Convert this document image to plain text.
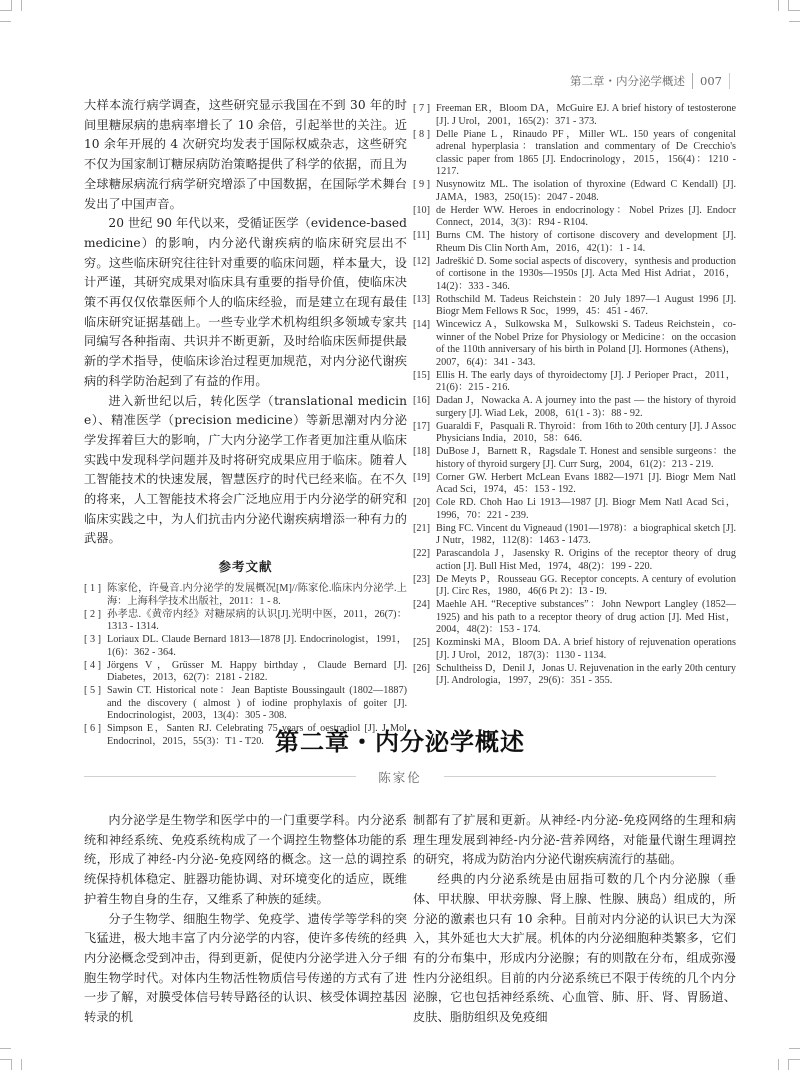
第二章・内分泌学概述 007

大样本流行病学调查，这些研究显示我国在不到 30 年的时间里糖尿病的患病率增长了 10 余倍，引起举世的关注。近 10 余年开展的 4 次研究均发表于国际权威杂志，这些研究不仅为国家制订糖尿病防治策略提供了科学的依据，而且为全球糖尿病流行病学研究增添了中国数据，在国际学术舞台发出了中国声音。

20 世纪 90 年代以来，受循证医学（evidence-based medicine）的影响，内分泌代谢疾病的临床研究层出不穷。这些临床研究往往针对重要的临床问题，样本量大，设计严谨，其研究成果对临床具有重要的指导价值，使临床决策不再仅仅依靠医师个人的临床经验，而是建立在现有最佳临床研究证据基础上。一些专业学术机构组织多领域专家共同编写各种指南、共识并不断更新，及时给临床医师提供最新的学术指导，使临床诊治过程更加规范，对内分泌代谢疾病的科学防治起到了有益的作用。

进入新世纪以后，转化医学（translational medicine）、精准医学（precision medicine）等新思潮对内分泌学发挥着巨大的影响，广大内分泌学工作者更加注重从临床实践中发现科学问题并及时将研究成果应用于临床。随着人工智能技术的快速发展，智慧医疗的时代已经来临。在不久的将来，人工智能技术将会广泛地应用于内分泌学的研究和临床实践之中，为人们抗击内分泌代谢疾病增添一种有力的武器。

参考文献
[ 1 ] 陈家伦，许曼音.内分泌学的发展概况[M]//陈家伦.临床内分泌学.上海：上海科学技术出版社，2011：1 - 8.
[ 2 ] 孙孝忠.《黄帝内经》对糖尿病的认识[J].光明中医，2011，26(7)：1313 - 1314.
[ 3 ] Loriaux DL. Claude Bernard 1813—1878 [J]. Endocrinologist，1991，1(6)：362 - 364.
[ 4 ] Jörgens V，Grüsser M. Happy birthday，Claude Bernard [J]. Diabetes，2013，62(7)：2181 - 2182.
[ 5 ] Sawin CT. Historical note：Jean Baptiste Boussingault (1802—1887) and the discovery ( almost ) of iodine prophylaxis of goiter [J]. Endocrinologist，2003，13(4)：305 - 308.
[ 6 ] Simpson E，Santen RJ. Celebrating 75 years of oestradiol [J]. J Mol Endocrinol，2015，55(3)：T1 - T20.
[ 7 ] Freeman ER，Bloom DA，McGuire EJ. A brief history of testosterone [J]. J Urol，2001，165(2)：371 - 373.
[ 8 ] Delle Piane L，Rinaudo PF，Miller WL. 150 years of congenital adrenal hyperplasia：translation and commentary of De Crecchio's classic paper from 1865 [J]. Endocrinology，2015，156(4)：1210 - 1217.
[ 9 ] Nusynowitz ML. The isolation of thyroxine (Edward C Kendall) [J]. JAMA，1983，250(15)：2047 - 2048.
[10] de Herder WW. Heroes in endocrinology：Nobel Prizes [J]. Endocr Connect，2014，3(3)：R94 - R104.
[11] Burns CM. The history of cortisone discovery and development [J]. Rheum Dis Clin North Am，2016，42(1)：1 - 14.
[12] Jadreškić D. Some social aspects of discovery，synthesis and production of cortisone in the 1930s—1950s [J]. Acta Med Hist Adriat，2016，14(2)：333 - 346.
[13] Rothschild M. Tadeus Reichstein：20 July 1897—1 August 1996 [J]. Biogr Mem Fellows R Soc，1999，45：451 - 467.
[14] Wincewicz A，Sulkowska M，Sulkowski S. Tadeus Reichstein，co-winner of the Nobel Prize for Physiology or Medicine：on the occasion of the 110th anniversary of his birth in Poland [J]. Hormones (Athens)，2007，6(4)：341 - 343.
[15] Ellis H. The early days of thyroidectomy [J]. J Perioper Pract，2011，21(6)：215 - 216.
[16] Dadan J，Nowacka A. A journey into the past — the history of thyroid surgery [J]. Wiad Lek，2008，61(1 - 3)：88 - 92.
[17] Guaraldi F，Pasquali R. Thyroid：from 16th to 20th century [J]. J Assoc Physicians India，2010，58：646.
[18] DuBose J，Barnett R，Ragsdale T. Honest and sensible surgeons：the history of thyroid surgery [J]. Curr Surg，2004，61(2)：213 - 219.
[19] Corner GW. Herbert McLean Evans 1882—1971 [J]. Biogr Mem Natl Acad Sci，1974，45：153 - 192.
[20] Cole RD. Choh Hao Li 1913—1987 [J]. Biogr Mem Natl Acad Sci，1996，70：221 - 239.
[21] Bing FC. Vincent du Vigneaud (1901—1978)：a biographical sketch [J]. J Nutr，1982，112(8)：1463 - 1473.
[22] Parascandola J，Jasensky R. Origins of the receptor theory of drug action [J]. Bull Hist Med，1974，48(2)：199 - 220.
[23] De Meyts P，Rousseau GG. Receptor concepts. A century of evolution [J]. Circ Res，1980，46(6 Pt 2)：I3 - I9.
[24] Maehle AH. “Receptive substances”：John Newport Langley (1852—1925) and his path to a receptor theory of drug action [J]. Med Hist，2004，48(2)：153 - 174.
[25] Kozminski MA，Bloom DA. A brief history of rejuvenation operations [J]. J Urol，2012，187(3)：1130 - 1134.
[26] Schultheiss D，Denil J，Jonas U. Rejuvenation in the early 20th century [J]. Andrologia，1997，29(6)：351 - 355.
第二章・内分泌学概述
陈家伦

内分泌学是生物学和医学中的一门重要学科。内分泌系统和神经系统、免疫系统构成了一个调控生物整体功能的系统，形成了神经-内分泌-免疫网络的概念。这一总的调控系统保持机体稳定、脏器功能协调、对环境变化的适应，既维护着生物自身的生存，又维系了种族的延续。

分子生物学、细胞生物学、免疫学、遗传学等学科的突飞猛进，极大地丰富了内分泌学的内容，使许多传统的经典内分泌概念受到冲击，得到更新，促使内分泌学进入分子细胞生物学时代。对体内生物活性物质信号传递的方式有了进一步了解，对膜受体信号转导路径的认识、核受体调控基因转录的机

制都有了扩展和更新。从神经-内分泌-免疫网络的生理和病理生理发展到神经-内分泌-营养网络，对能量代谢生理调控的研究，将成为防治内分泌代谢疾病流行的基础。

经典的内分泌系统是由屈指可数的几个内分泌腺（垂体、甲状腺、甲状旁腺、肾上腺、性腺、胰岛）组成的，所分泌的激素也只有 10 余种。目前对内分泌的认识已大为深入，其外延也大大扩展。机体的内分泌细胞种类繁多，它们有的分布集中，形成内分泌腺；有的则散在分布，组成弥漫性内分泌组织。目前的内分泌系统已不限于传统的几个内分泌腺，它也包括神经系统、心血管、肺、肝、肾、胃肠道、皮肤、脂肪组织及免疫细
